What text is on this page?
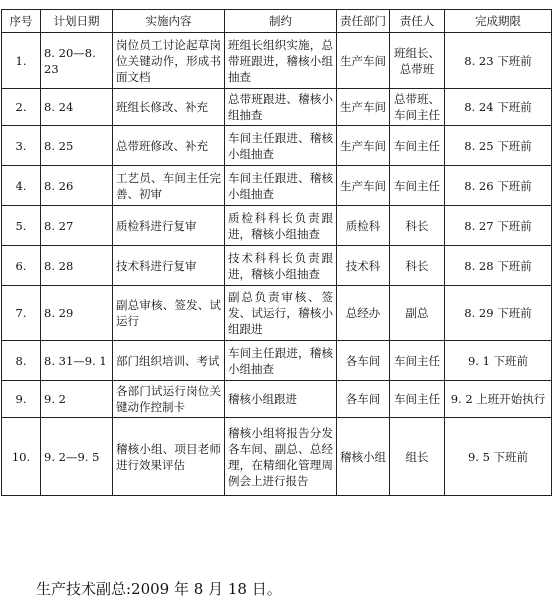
序号	计划日期	实施内容	制约	责任部门	责任人	完成期限
1.	8. 20—8. 23	岗位员工讨论起草岗位关键动作，形成书面文档	班组长组织实施，总带班跟进，稽核小组抽查	生产车间	班组长、总带班	8. 23 下班前
2.	8. 24	班组长修改、补充	总带班跟进、稽核小组抽查	生产车间	总带班、车间主任	8. 24 下班前
3.	8. 25	总带班修改、补充	车间主任跟进、稽核小组抽查	生产车间	车间主任	8. 25 下班前
4.	8. 26	工艺员、车间主任完善、初审	车间主任跟进、稽核小组抽查	生产车间	车间主任	8. 26 下班前
5.	8. 27	质检科进行复审	质检科科长负责跟进，稽核小组抽查	质检科	科长	8. 27 下班前
6.	8. 28	技术科进行复审	技术科科长负责跟进，稽核小组抽查	技术科	科长	8. 28 下班前
7.	8. 29	副总审核、签发、试运行	副总负责审核、签发、试运行，稽核小组跟进	总经办	副总	8. 29 下班前
8.	8. 31—9. 1	部门组织培训、考试	车间主任跟进，稽核小组抽查	各车间	车间主任	9. 1 下班前
9.	9. 2	各部门试运行岗位关键动作控制卡	稽核小组跟进	各车间	车间主任	9. 2 上班开始执行
10.	9. 2—9. 5	稽核小组、项目老师进行效果评估	稽核小组将报告分发各车间、副总、总经理，在精细化管理周例会上进行报告	稽核小组	组长	9. 5 下班前
生产技术副总:2009 年 8 月 18 日。
